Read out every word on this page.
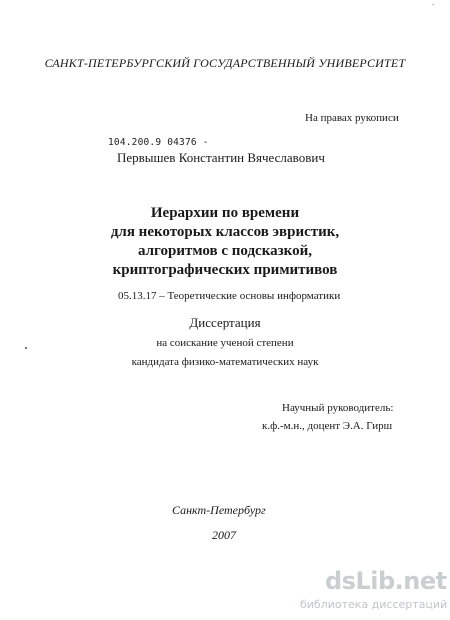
-
САНКТ-ПЕТЕРБУРГСКИЙ ГОСУДАРСТВЕННЫЙ УНИВЕРСИТЕТ
На правах рукописи
104.200.9 04376 -
Первышев Константин Вячеславович
Иерархии по времени
для некоторых классов эвристик,
алгоритмов с подсказкой,
криптографических примитивов
05.13.17 – Теоретические основы информатики
Диссертация
на соискание ученой степени
кандидата физико-математических наук
Научный руководитель:
к.ф.-м.н., доцент Э.А. Гирш
Санкт-Петербург
2007
dsLib.net
библиотека диссертаций
